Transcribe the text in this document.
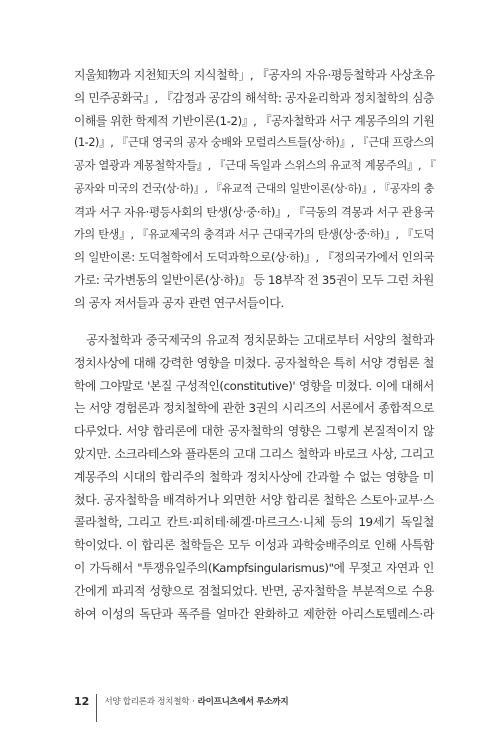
지울知物과 지천知天의 지식철학」, 『공자의 자유·평등철학과 사상초유
의 민주공화국』, 『감정과 공감의 해석학: 공자윤리학과 정치철학의 심층
이해를 위한 학제적 기반이론(1-2)』, 『공자철학과 서구 계몽주의의 기원
(1-2)』, 『근대 영국의 공자 숭배와 모럴리스트들(상·하)』, 『근대 프랑스의
공자 열광과 계몽철학자들』, 『근대 독일과 스위스의 유교적 계몽주의』, 『
공자와 미국의 건국(상·하)』, 『유교적 근대의 일반이론(상·하)』, 『공자의 충
격과 서구 자유·평등사회의 탄생(상·중·하)』, 『극동의 격몽과 서구 관용국
가의 탄생』, 『유교제국의 충격과 서구 근대국가의 탄생(상·중·하)』, 『도덕
의 일반이론: 도덕철학에서 도덕과학으로(상·하)』, 『정의국가에서 인의국
가로: 국가변동의 일반이론(상·하)』 등 18부작 전 35권이 모두 그런 차원
의 공자 저서들과 공자 관련 연구서들이다.
　공자철학과 중국제국의 유교적 정치문화는 고대로부터 서양의 철학과
정치사상에 대해 강력한 영향을 미쳤다. 공자철학은 특히 서양 경험론 철
학에 그야말로 '본질 구성적인(constitutive)' 영향을 미쳤다. 이에 대해서
는 서양 경험론과 정치철학에 관한 3권의 시리즈의 서론에서 종합적으로
다루었다. 서양 합리론에 대한 공자철학의 영향은 그렇게 본질적이지 않
았지만. 소크라테스와 플라톤의 고대 그리스 철학과 바로크 사상, 그리고
계몽주의 시대의 합리주의 철학과 정치사상에 간과할 수 없는 영향을 미
쳤다. 공자철학을 배격하거나 외면한 서양 합리론 철학은 스토아·교부·스
콜라철학, 그리고 칸트·피히테·헤겔·마르크스·니체 등의 19세기 독일철
학이었다. 이 합리론 철학들은 모두 이성과 과학숭배주의로 인해 사특함
이 가득해서 "투쟁유일주의(Kampfsingularismus)"에 무젖고 자연과 인
간에게 파괴적 성향으로 점철되었다. 반면, 공자철학을 부분적으로 수용
하여 이성의 독단과 폭주를 얼마간 완화하고 제한한 아리스토텔레스·라
12 서양 합리론과 정치철학 · 라이프니츠에서 루소까지
